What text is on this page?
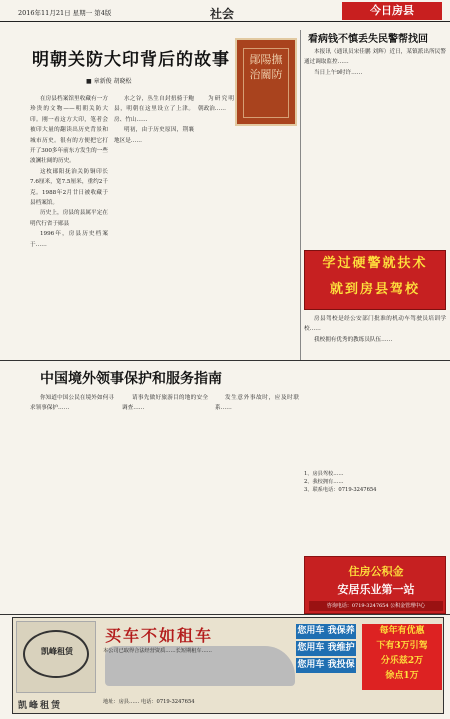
2016年11月21日 星期一 第4版	社会	今日房县
明朝关防大印背后的故事
■ 章新俊 胡晓松
鄖陽撫治關防

在房县档案馆里收藏有一方珍贵的文物——明朝关防大印。刚一看这方大印，笔者会被印大量的翻读出历史背景和城市历史。很有的方便把它打开了300多年前东方发生的一些波澜壮阔的历史。

这枚鄖阳抚治关防铜印长7.6厘米，宽7.5厘米，重约2千克。1988年2月廿日被收藏于县档案馆。

历史上，房县的县属平定在明代行省于郧县

1996年，房县历史档案于……

水之谷，丛生自封扭骑于鲍县，明朝在这里设立了上津。房、竹山……

明初，由于历史原因，荆襄地区是……

为研究明朝政治……

看病钱不慎丢失民警帮找回

本报讯（通讯员宋佳鹏 刘辉）近日，某镇派出所民警通过调取监控……

当日上午9时许……

学过硬警就扶术
就到房县驾校

房县驾校是经公安部门批准的机动车驾驶员培训学校……

我校拥有优秀的教练员队伍……

1、房县驾校……
2、我校拥有……
3、联系电话：0719-3247654
中国境外领事保护和服务指南

你知道中国公民在境外如何寻求领事保护……

请事先做好旅游目的地的安全调查……

发生意外事故时，应及时联系……

住房公积金
安居乐业第一站
咨询电话：0719-3247654 公积金管理中心
凯峰租赁
凯峰租赁
买车不如租车
本公司已取得合法经营资质……长短期租车……
您用车 我保养
您用车 我维护
您用车 我投保
每年有优惠
下有3万引驾
分乐兹2万
徐点1万
地址：房县…… 电话：0719-3247654
